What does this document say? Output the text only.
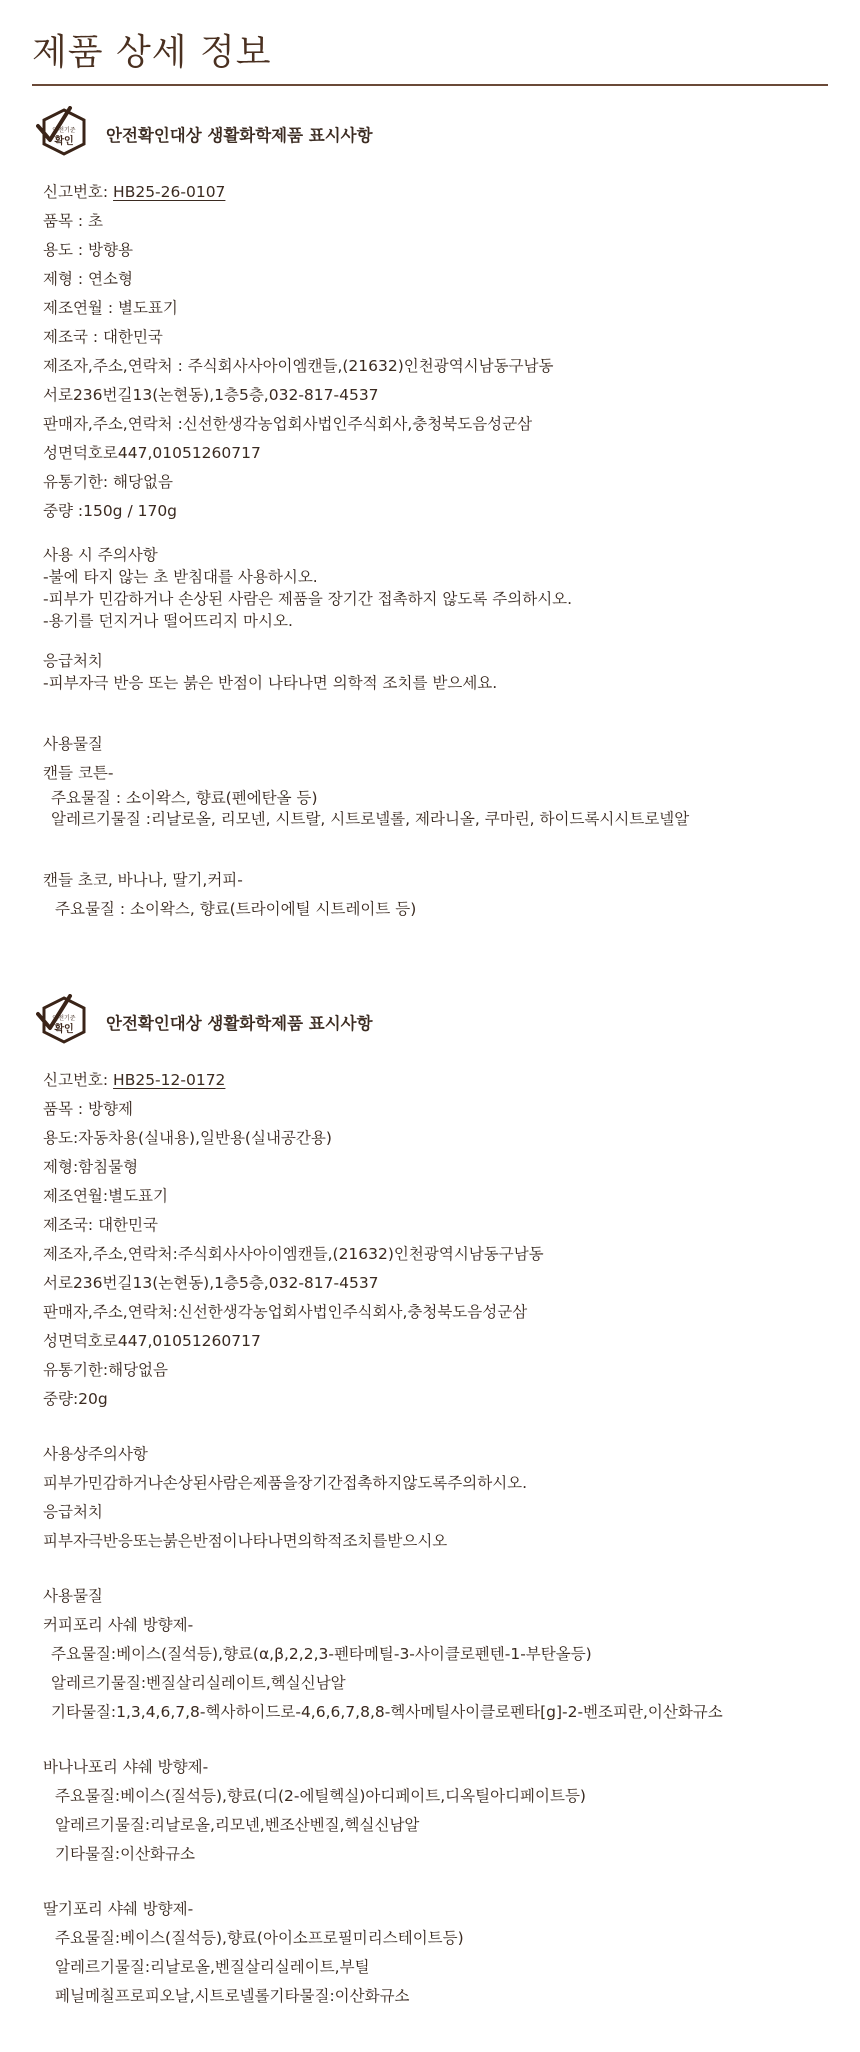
제품 상세 정보
안전기준
확인 안전확인대상 생활화학제품 표시사항
신고번호: HB25-26-0107
품목 : 초
용도 : 방향용
제형 : 연소형
제조연월 : 별도표기
제조국 : 대한민국
제조자,주소,연락처 : 주식회사사아이엠캔들,(21632)인천광역시남동구남동
서로236번길13(논현동),1층5층,032-817-4537
판매자,주소,연락처 :신선한생각농업회사법인주식회사,충청북도음성군삼
성면덕호로447,01051260717
유통기한: 해당없음
중량 :150g / 170g
사용 시 주의사항
-불에 타지 않는 초 받침대를 사용하시오.
-피부가 민감하거나 손상된 사람은 제품을 장기간 접촉하지 않도록 주의하시오.
-용기를 던지거나 떨어뜨리지 마시오.
응급처치
-피부자극 반응 또는 붉은 반점이 나타나면 의학적 조치를 받으세요.
사용물질
캔들 코튼-
주요물질 : 소이왁스, 향료(펜에탄올 등)
알레르기물질 :리날로올, 리모넨, 시트랄, 시트로넬롤, 제라니올, 쿠마린, 하이드록시시트로넬알
캔들 초코, 바나나, 딸기,커피-
주요물질 : 소이왁스, 향료(트라이에틸 시트레이트 등)
안전기준
확인 안전확인대상 생활화학제품 표시사항
신고번호: HB25-12-0172
품목 : 방향제
용도:자동차용(실내용),일반용(실내공간용)
제형:함침물형
제조연월:별도표기
제조국: 대한민국
제조자,주소,연락처:주식회사사아이엠캔들,(21632)인천광역시남동구남동
서로236번길13(논현동),1층5층,032-817-4537
판매자,주소,연락처:신선한생각농업회사법인주식회사,충청북도음성군삼
성면덕호로447,01051260717
유통기한:해당없음
중량:20g
사용상주의사항
피부가민감하거나손상된사람은제품을장기간접촉하지않도록주의하시오.
응급처치
피부자극반응또는붉은반점이나타나면의학적조치를받으시오
사용물질
커피포리 사쉐 방향제-
주요물질:베이스(질석등),향료(α,β,2,2,3-펜타메틸-3-사이클로펜텐-1-부탄올등)
알레르기물질:벤질살리실레이트,헥실신남알
기타물질:1,3,4,6,7,8-헥사하이드로-4,6,6,7,8,8-헥사메틸사이클로펜타[g]-2-벤조피란,이산화규소
바나나포리 샤쉐 방향제-
주요물질:베이스(질석등),향료(디(2-에틸헥실)아디페이트,디옥틸아디페이트등)
알레르기물질:리날로올,리모넨,벤조산벤질,헥실신남알
기타물질:이산화규소
딸기포리 샤쉐 방향제-
주요물질:베이스(질석등),향료(아이소프로필미리스테이트등)
알레르기물질:리날로올,벤질살리실레이트,부틸
페닐메칠프로피오날,시트로넬롤기타물질:이산화규소
